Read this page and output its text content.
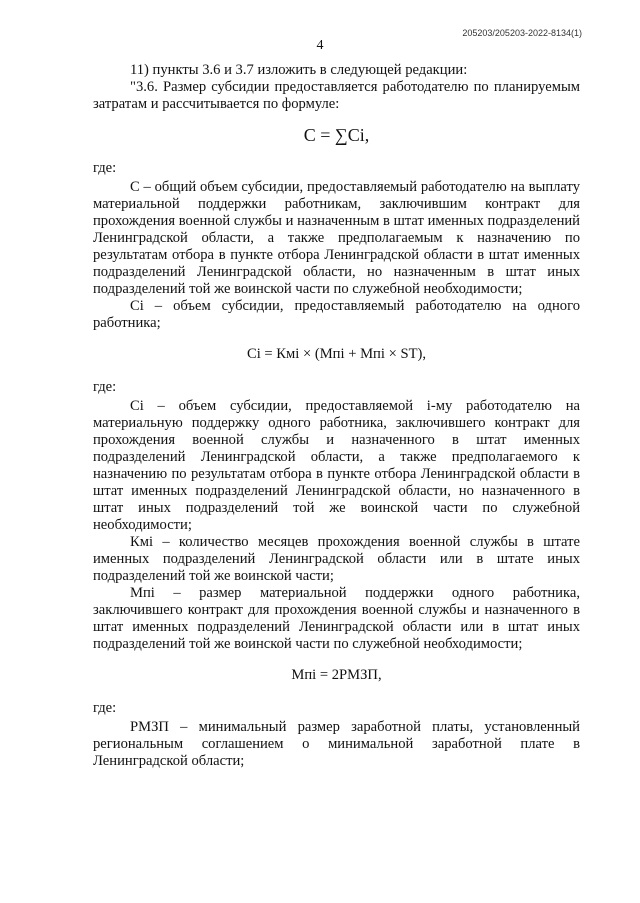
205203/205203-2022-8134(1)
4

11) пункты 3.6 и 3.7 изложить в следующей редакции:

"3.6. Размер субсидии предоставляется работодателю по планируемым затратам и рассчитывается по формуле:

C = ∑Ci,

где:

C – общий объем субсидии, предоставляемый работодателю на выплату материальной поддержки работникам, заключившим контракт для прохождения военной службы и назначенным в штат именных подразделений Ленинградской области, а также предполагаемым к назначению по результатам отбора в пункте отбора Ленинградской области в штат именных подразделений Ленинградской области, но назначенным в штат иных подразделений той же воинской части по служебной необходимости;

Ci – объем субсидии, предоставляемый работодателю на одного работника;

Ci = Кмi × (Мпi + Мпi × ST),

где:

Ci – объем субсидии, предоставляемой i-му работодателю на материальную поддержку одного работника, заключившего контракт для прохождения военной службы и назначенного в штат именных подразделений Ленинградской области, а также предполагаемого к назначению по результатам отбора в пункте отбора Ленинградской области в штат именных подразделений Ленинградской области, но назначенного в штат иных подразделений той же воинской части по служебной необходимости;

Кмi – количество месяцев прохождения военной службы в штате именных подразделений Ленинградской области или в штате иных подразделений той же воинской части;

Мпi – размер материальной поддержки одного работника, заключившего контракт для прохождения военной службы и назначенного в штат именных подразделений Ленинградской области или в штат иных подразделений той же воинской части по служебной необходимости;

Мпi = 2РМЗП,

где:

РМЗП – минимальный размер заработной платы, установленный региональным соглашением о минимальной заработной плате в Ленинградской области;
